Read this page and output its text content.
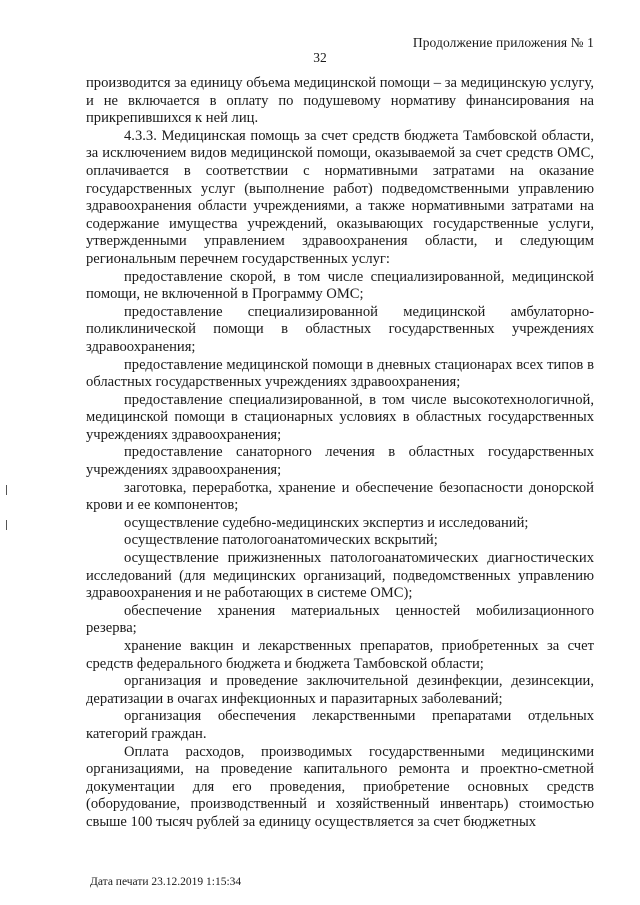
Продолжение приложения № 1
32

производится за единицу объема медицинской помощи – за медицинскую услугу, и не включается в оплату по подушевому нормативу финансирования на прикрепившихся к ней лиц.

4.3.3. Медицинская помощь за счет средств бюджета Тамбовской области, за исключением видов медицинской помощи, оказываемой за счет средств ОМС, оплачивается в соответствии с нормативными затратами на оказание государственных услуг (выполнение работ) подведомственными управлению здравоохранения области учреждениями, а также нормативными затратами на содержание имущества учреждений, оказывающих государственные услуги, утвержденными управлением здравоохранения области, и следующим региональным перечнем государственных услуг:

предоставление скорой, в том числе специализированной, медицинской помощи, не включенной в Программу ОМС;

предоставление специализированной медицинской амбулаторно-поликлинической помощи в областных государственных учреждениях здравоохранения;

предоставление медицинской помощи в дневных стационарах всех типов в областных государственных учреждениях здравоохранения;

предоставление специализированной, в том числе высокотехнологичной, медицинской помощи в стационарных условиях в областных государственных учреждениях здравоохранения;

предоставление санаторного лечения в областных государственных учреждениях здравоохранения;

заготовка, переработка, хранение и обеспечение безопасности донорской крови и ее компонентов;

осуществление судебно-медицинских экспертиз и исследований;

осуществление патологоанатомических вскрытий;

осуществление прижизненных патологоанатомических диагностических исследований (для медицинских организаций, подведомственных управлению здравоохранения и не работающих в системе ОМС);

обеспечение хранения материальных ценностей мобилизационного резерва;

хранение вакцин и лекарственных препаратов, приобретенных за счет средств федерального бюджета и бюджета Тамбовской области;

организация и проведение заключительной дезинфекции, дезинсекции, дератизации в очагах инфекционных и паразитарных заболеваний;

организация обеспечения лекарственными препаратами отдельных категорий граждан.

Оплата расходов, производимых государственными медицинскими организациями, на проведение капитального ремонта и проектно-сметной документации для его проведения, приобретение основных средств (оборудование, производственный и хозяйственный инвентарь) стоимостью свыше 100 тысяч рублей за единицу осуществляется за счет бюджетных

Дата печати 23.12.2019 1:15:34
